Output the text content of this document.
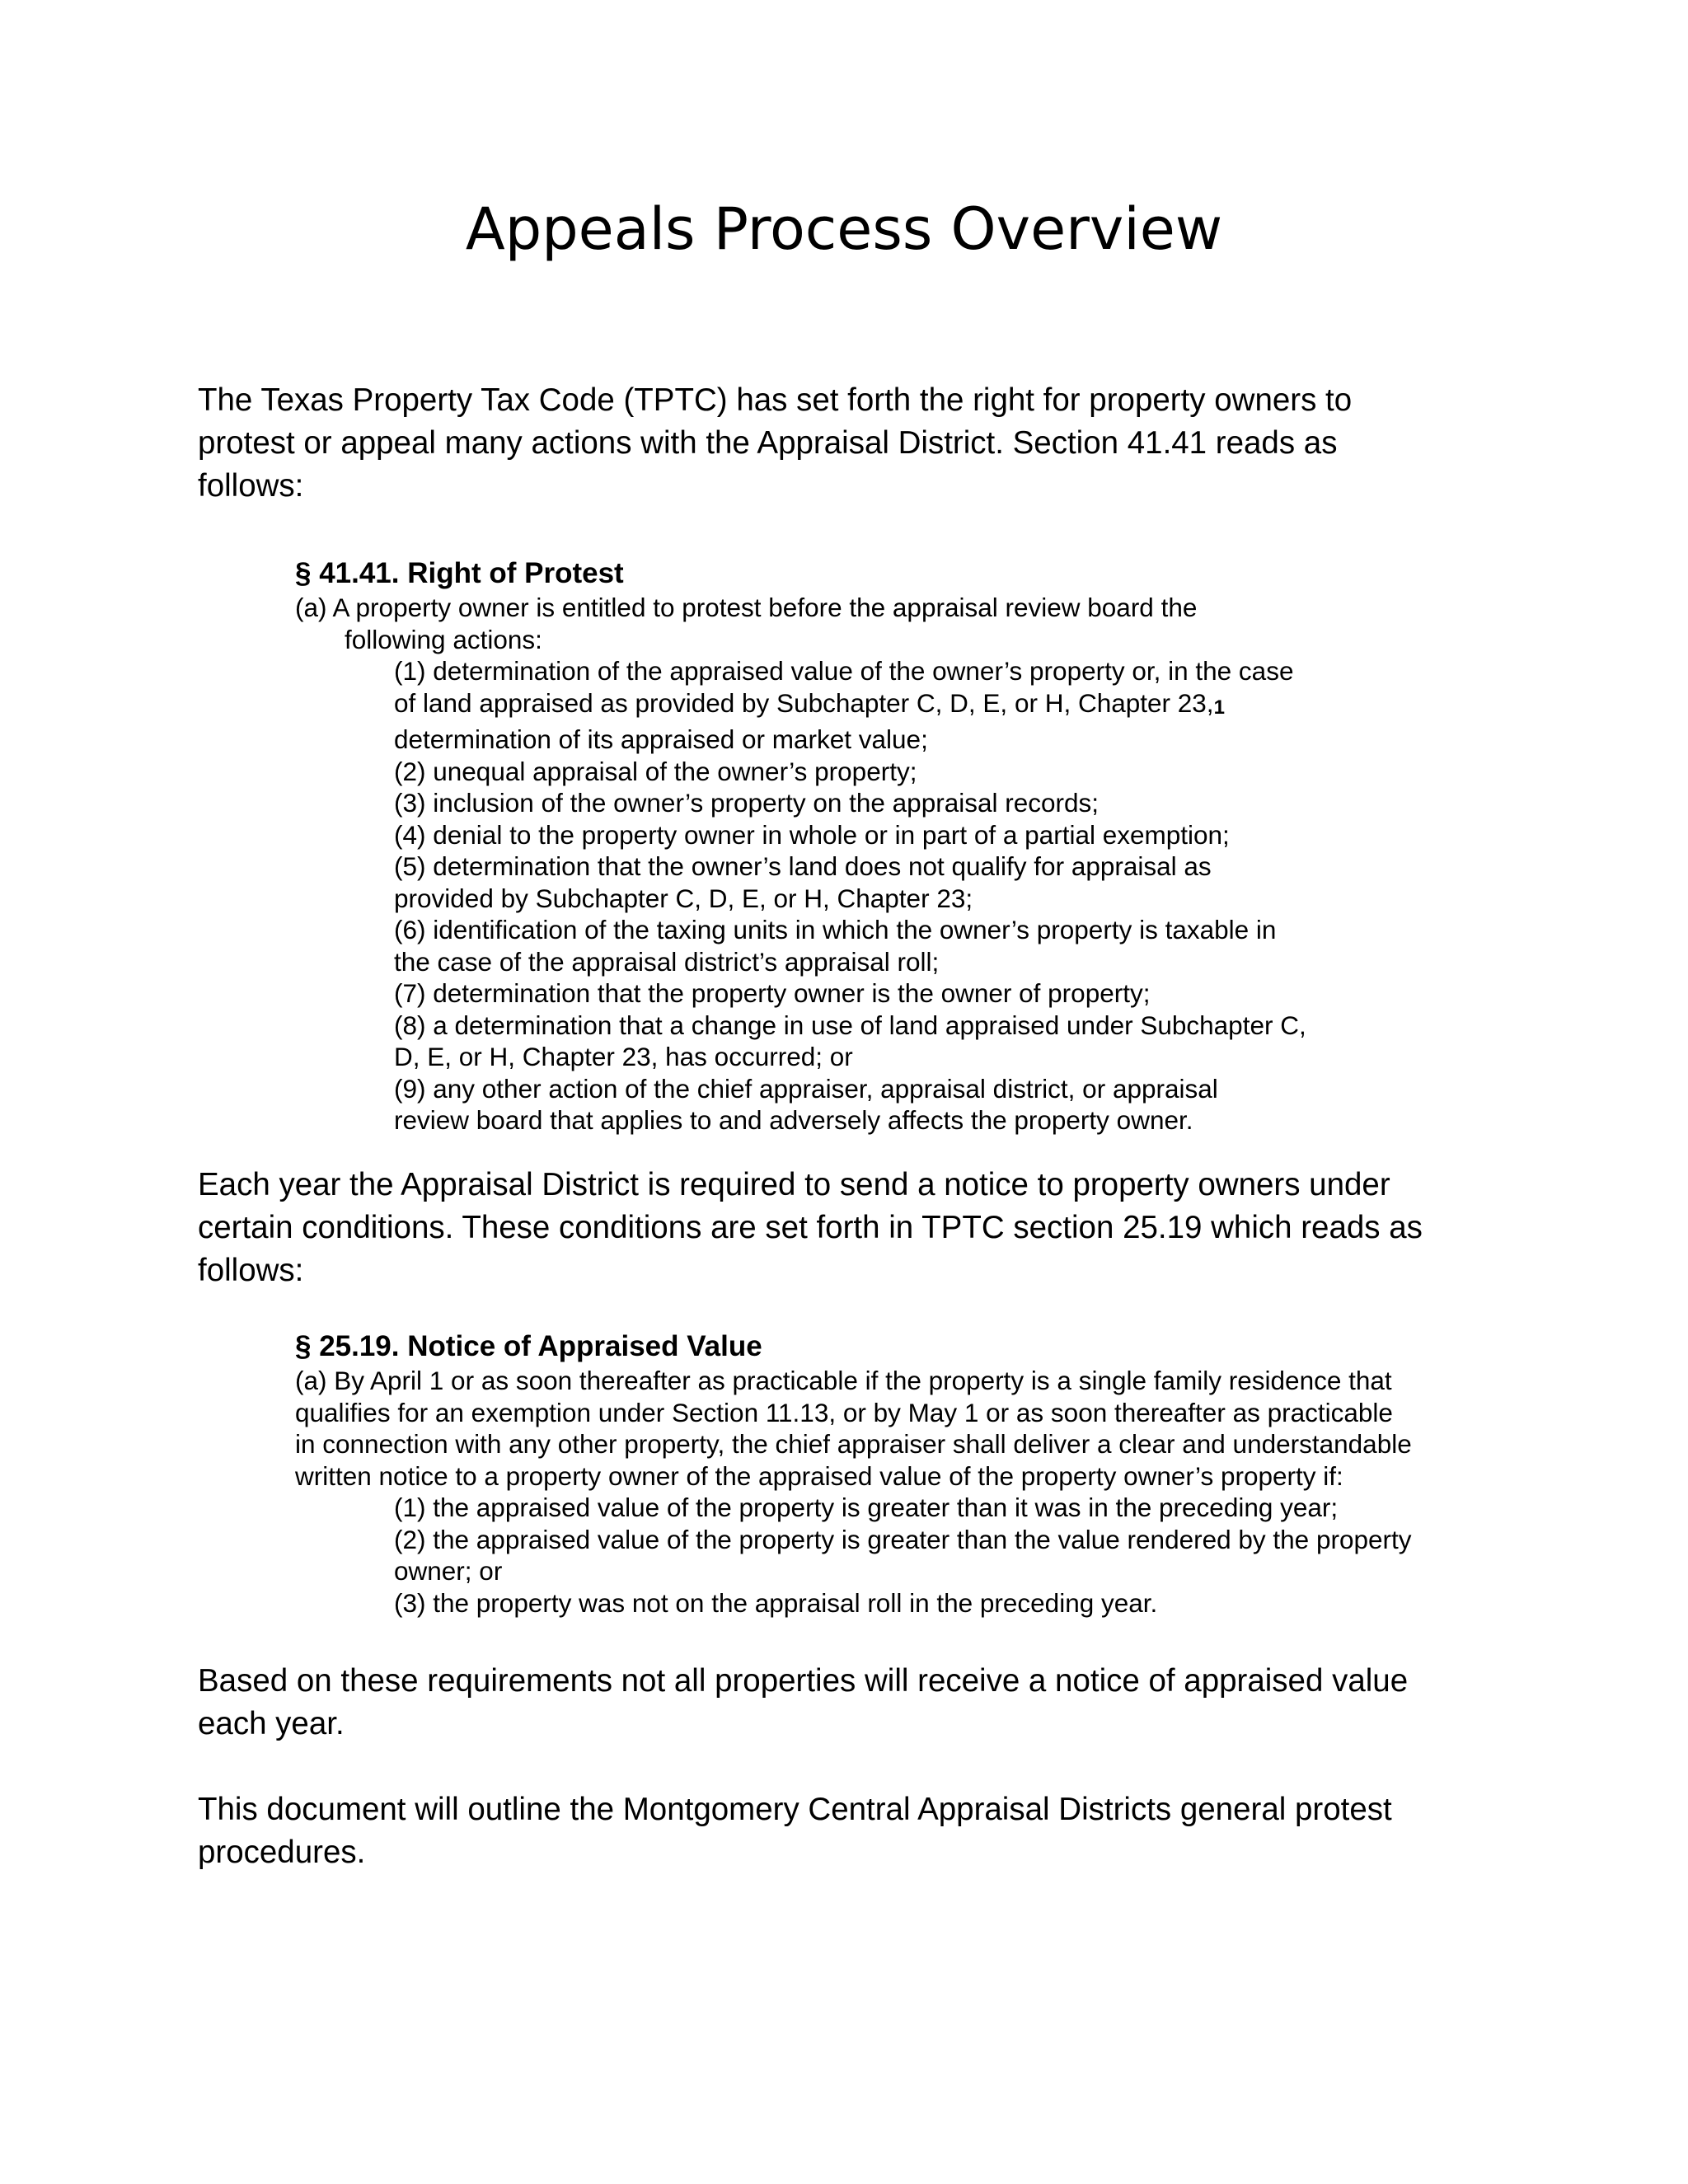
Appeals Process Overview

The Texas Property Tax Code (TPTC) has set forth the right for property owners to
protest or appeal many actions with the Appraisal District. Section 41.41 reads as
follows:

§ 41.41. Right of Protest
(a) A property owner is entitled to protest before the appraisal review board the
following actions:
(1) determination of the appraised value of the owner’s property or, in the case
of land appraised as provided by Subchapter C, D, E, or H, Chapter 23,1
determination of its appraised or market value;
(2) unequal appraisal of the owner’s property;
(3) inclusion of the owner’s property on the appraisal records;
(4) denial to the property owner in whole or in part of a partial exemption;
(5) determination that the owner’s land does not qualify for appraisal as
provided by Subchapter C, D, E, or H, Chapter 23;
(6) identification of the taxing units in which the owner’s property is taxable in
the case of the appraisal district’s appraisal roll;
(7) determination that the property owner is the owner of property;
(8) a determination that a change in use of land appraised under Subchapter C,
D, E, or H, Chapter 23, has occurred; or
(9) any other action of the chief appraiser, appraisal district, or appraisal
review board that applies to and adversely affects the property owner.

Each year the Appraisal District is required to send a notice to property owners under
certain conditions. These conditions are set forth in TPTC section 25.19 which reads as
follows:

§ 25.19. Notice of Appraised Value
(a) By April 1 or as soon thereafter as practicable if the property is a single family residence that
qualifies for an exemption under Section 11.13, or by May 1 or as soon thereafter as practicable
in connection with any other property, the chief appraiser shall deliver a clear and understandable
written notice to a property owner of the appraised value of the property owner’s property if:
(1) the appraised value of the property is greater than it was in the preceding year;
(2) the appraised value of the property is greater than the value rendered by the property
owner; or
(3) the property was not on the appraisal roll in the preceding year.

Based on these requirements not all properties will receive a notice of appraised value
each year.

This document will outline the Montgomery Central Appraisal Districts general protest
procedures.
